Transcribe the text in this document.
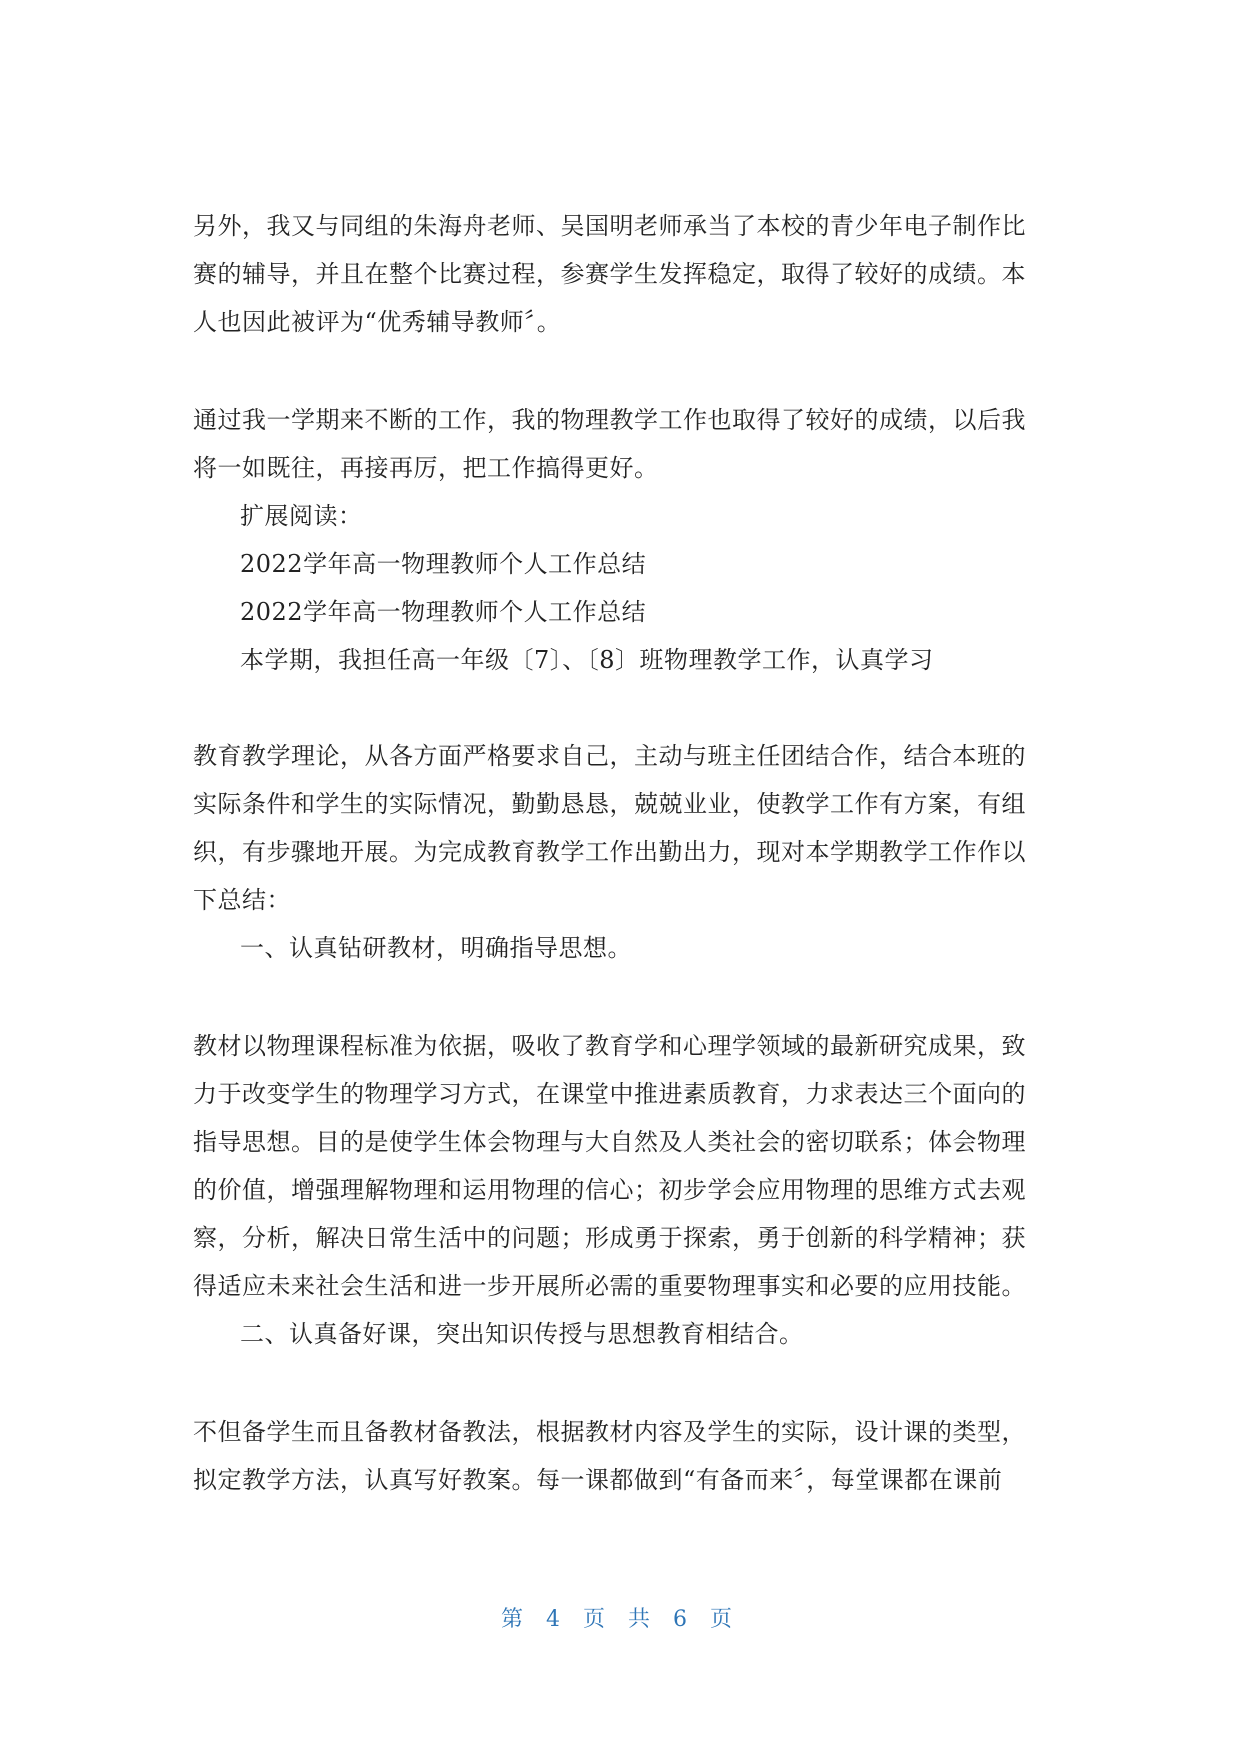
另外，我又与同组的朱海舟老师、吴国明老师承当了本校的青少年电子制作比
赛的辅导，并且在整个比赛过程，参赛学生发挥稳定，取得了较好的成绩。本
人也因此被评为“优秀辅导教师〞。
通过我一学期来不断的工作，我的物理教学工作也取得了较好的成绩，以后我
将一如既往，再接再厉，把工作搞得更好。
扩展阅读：
2022学年高一物理教师个人工作总结
2022学年高一物理教师个人工作总结
本学期，我担任高一年级〔7〕、〔8〕班物理教学工作，认真学习
教育教学理论，从各方面严格要求自己，主动与班主任团结合作，结合本班的
实际条件和学生的实际情况，勤勤恳恳，兢兢业业，使教学工作有方案，有组
织，有步骤地开展。为完成教育教学工作出勤出力，现对本学期教学工作作以
下总结：
一、认真钻研教材，明确指导思想。
教材以物理课程标准为依据，吸收了教育学和心理学领域的最新研究成果，致
力于改变学生的物理学习方式，在课堂中推进素质教育，力求表达三个面向的
指导思想。目的是使学生体会物理与大自然及人类社会的密切联系；体会物理
的价值，增强理解物理和运用物理的信心；初步学会应用物理的思维方式去观
察，分析，解决日常生活中的问题；形成勇于探索，勇于创新的科学精神；获
得适应未来社会生活和进一步开展所必需的重要物理事实和必要的应用技能。
二、认真备好课，突出知识传授与思想教育相结合。
不但备学生而且备教材备教法，根据教材内容及学生的实际，设计课的类型，
拟定教学方法，认真写好教案。每一课都做到“有备而来〞，每堂课都在课前
第 4 页 共 6 页
